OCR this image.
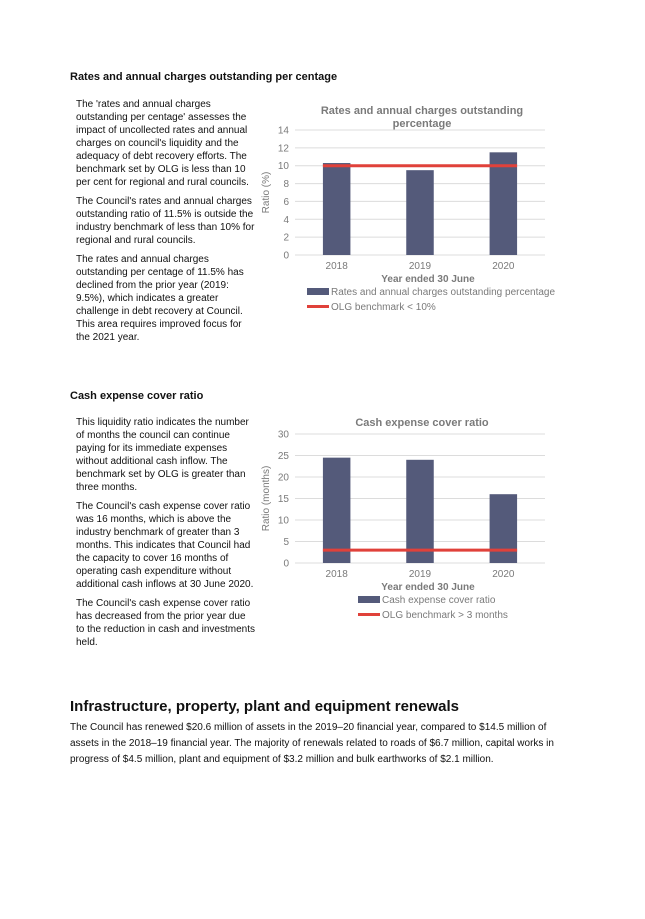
Rates and annual charges outstanding per centage

The 'rates and annual charges outstanding per centage' assesses the impact of uncollected rates and annual charges on council's liquidity and the adequacy of debt recovery efforts. The benchmark set by OLG is less than 10 per cent for regional and rural councils.

The Council's rates and annual charges outstanding ratio of 11.5% is outside the industry benchmark of less than 10% for regional and rural councils.

The rates and annual charges outstanding per centage of 11.5% has declined from the prior year (2019: 9.5%), which indicates a greater challenge in debt recovery at Council. This area requires improved focus for the 2021 year.

Rates and annual charges outstanding
percentage
0
2
4
6
8
10
12
14
Ratio (%)
2018	2019	2020
Year ended 30 June
Rates and annual charges outstanding percentage
OLG benchmark < 10%
Cash expense cover ratio

This liquidity ratio indicates the number of months the council can continue paying for its immediate expenses without additional cash inflow. The benchmark set by OLG is greater than three months.

The Council's cash expense cover ratio was 16 months, which is above the industry benchmark of greater than 3 months. This indicates that Council had the capacity to cover 16 months of operating cash expenditure without additional cash inflows at 30 June 2020.

The Council's cash expense cover ratio has decreased from the prior year due to the reduction in cash and investments held.

Cash expense cover ratio
0
5
10
15
20
25
30
Ratio (months)
2018	2019	2020
Year ended 30 June
Cash expense cover ratio
OLG benchmark > 3 months
Infrastructure, property, plant and equipment renewals
The Council has renewed $20.6 million of assets in the 2019–20 financial year, compared to $14.5 million of assets in the 2018–19 financial year. The majority of renewals related to roads of $6.7 million, capital works in progress of $4.5 million, plant and equipment of $3.2 million and bulk earthworks of $2.1 million.
